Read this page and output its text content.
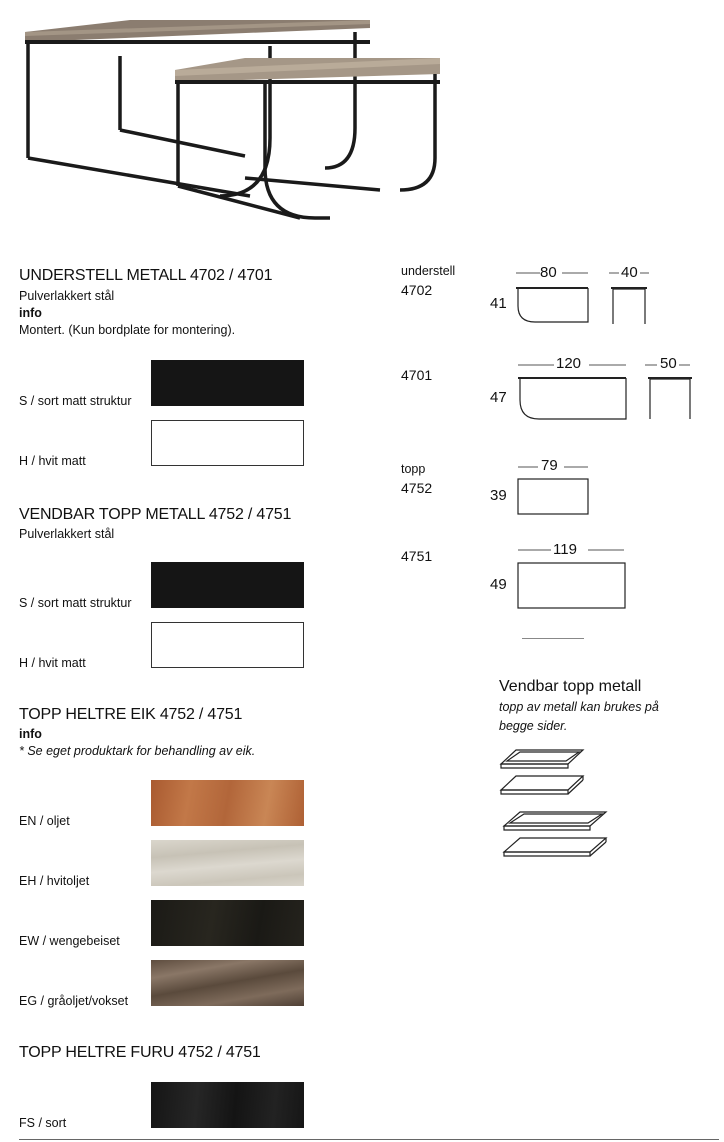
UNDERSTELL METALL 4702 / 4701
Pulverlakkert stål
info
Montert. (Kun bordplate for montering).
S / sort matt struktur
H / hvit matt
VENDBAR TOPP METALL 4752 / 4751
Pulverlakkert stål
S / sort matt struktur
H / hvit matt
TOPP HELTRE EIK 4752 / 4751
info
* Se eget produktark for behandling av eik.
EN / oljet
EH / hvitoljet
EW / wengebeiset
EG / gråoljet/vokset
TOPP HELTRE FURU 4752 / 4751
FS / sort
understell
4702
4701
topp
4752
4751
80
41
40
120
47
50
79
39
119
49
Vendbar topp metall
topp av metall kan brukes på
begge sider.
